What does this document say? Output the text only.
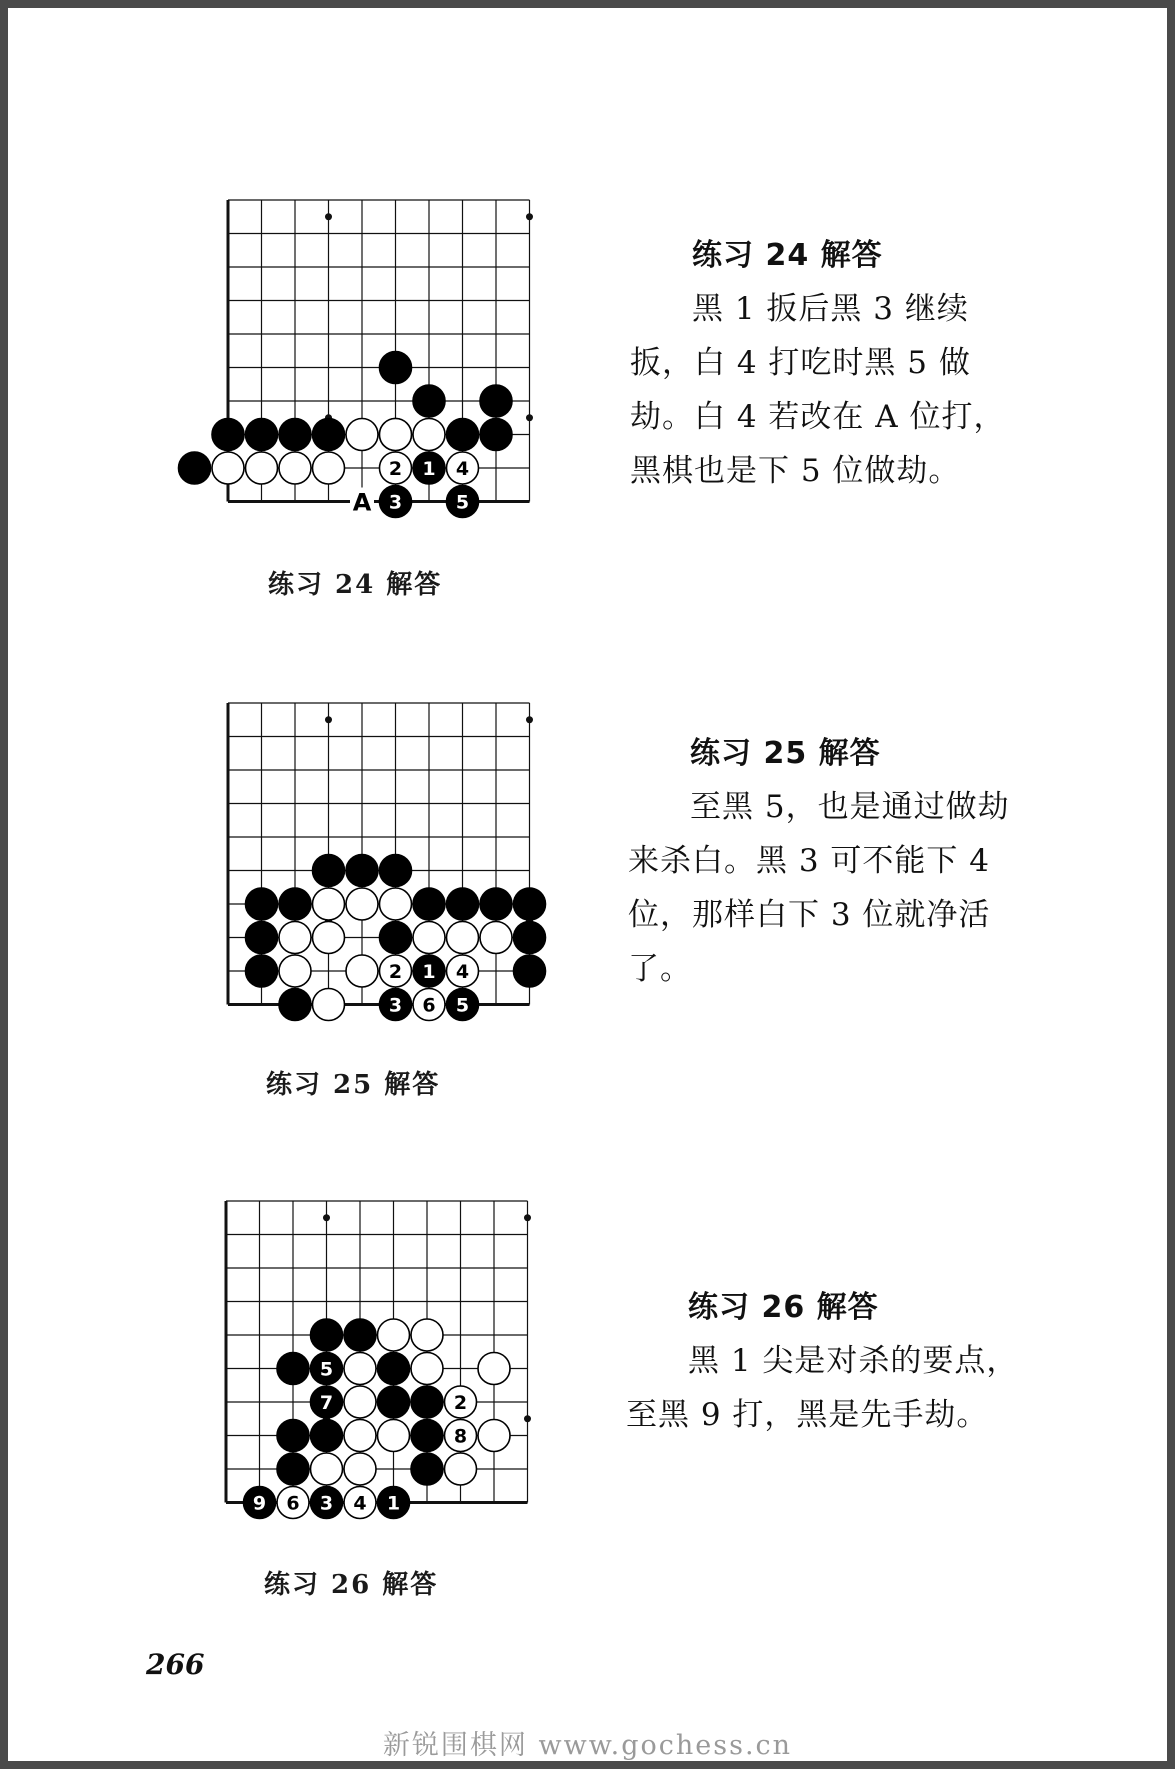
2 1 4
3	5
A
练习 24 解答
练习 24 解答

黑 1 扳后黑 3 继续扳，白 4 打吃时黑 5 做劫。白 4 若改在 A 位打，黑棋也是下 5 位做劫。

2 1 4
3 6 5
练习 25 解答
练习 25 解答

至黑 5，也是通过做劫来杀白。黑 3 可不能下 4 位，那样白下 3 位就净活了。

5
7	2
8
9 6 3 4 1
练习 26 解答
练习 26 解答

黑 1 尖是对杀的要点，至黑 9 打，黑是先手劫。

266
新锐围棋网 www.gochess.cn
